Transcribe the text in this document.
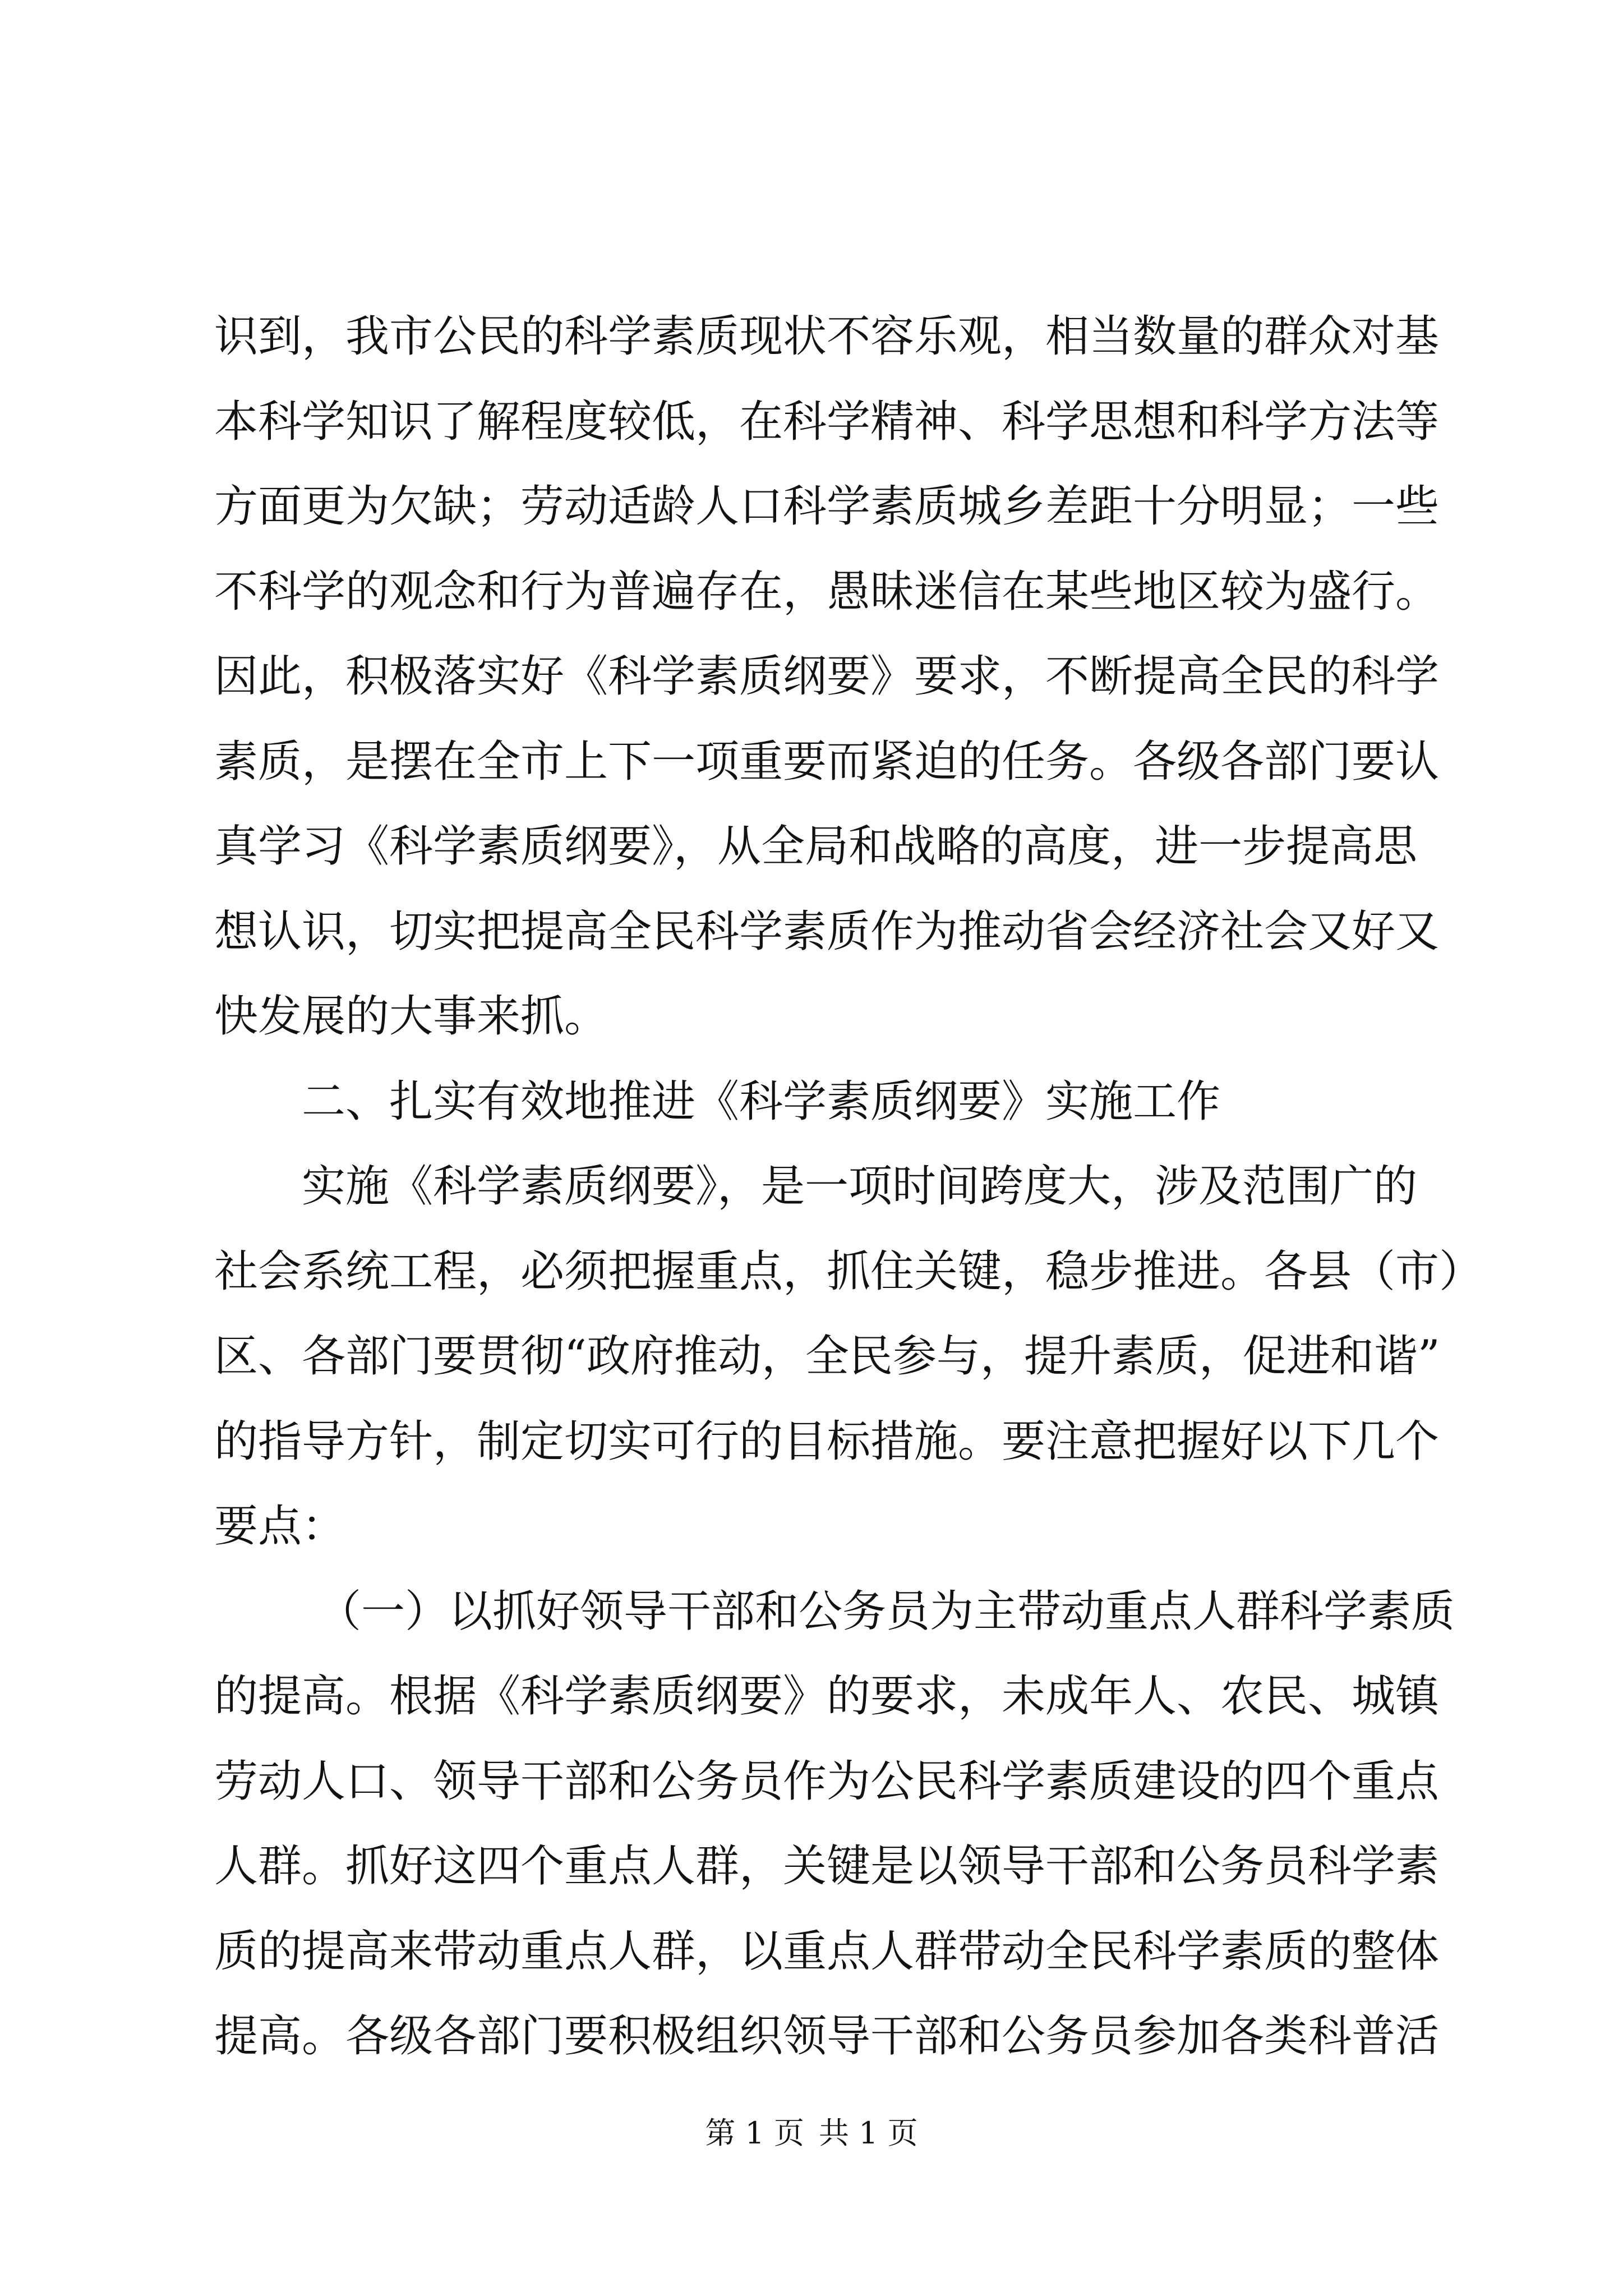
识到，我市公民的科学素质现状不容乐观，相当数量的群众对基
本科学知识了解程度较低，在科学精神、科学思想和科学方法等
方面更为欠缺；劳动适龄人口科学素质城乡差距十分明显；一些
不科学的观念和行为普遍存在，愚昧迷信在某些地区较为盛行。
因此，积极落实好《科学素质纲要》要求，不断提高全民的科学
素质，是摆在全市上下一项重要而紧迫的任务。各级各部门要认
真学习《科学素质纲要》，从全局和战略的高度，进一步提高思
想认识，切实把提高全民科学素质作为推动省会经济社会又好又
快发展的大事来抓。
二、扎实有效地推进《科学素质纲要》实施工作
实施《科学素质纲要》，是一项时间跨度大，涉及范围广的
社会系统工程，必须把握重点，抓住关键，稳步推进。各县（市）
区、各部门要贯彻“政府推动，全民参与，提升素质，促进和谐”
的指导方针，制定切实可行的目标措施。要注意把握好以下几个
要点：
（一）以抓好领导干部和公务员为主带动重点人群科学素质
的提高。根据《科学素质纲要》的要求，未成年人、农民、城镇
劳动人口、领导干部和公务员作为公民科学素质建设的四个重点
人群。抓好这四个重点人群，关键是以领导干部和公务员科学素
质的提高来带动重点人群，以重点人群带动全民科学素质的整体
提高。各级各部门要积极组织领导干部和公务员参加各类科普活
第 1 页 共 1 页
